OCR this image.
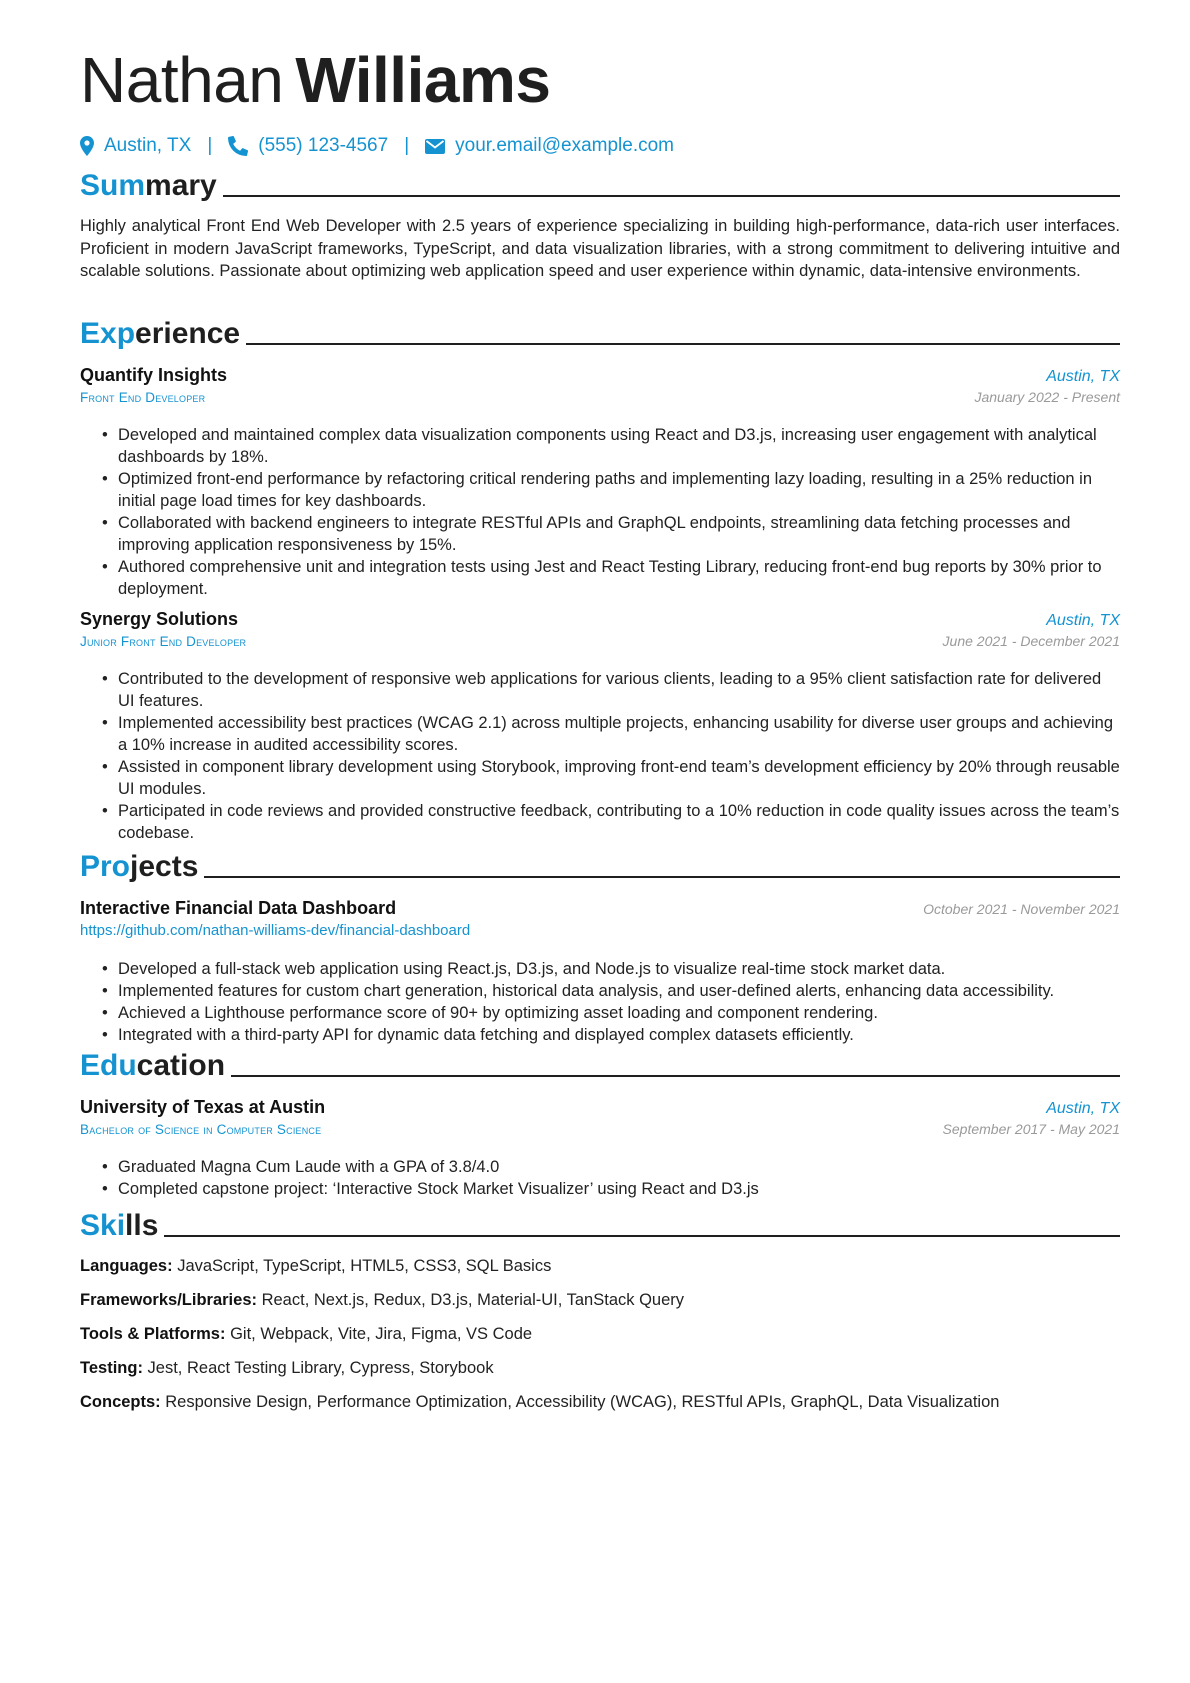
Nathan Williams
Austin, TX | (555) 123-4567 | your.email@example.com
Summary
Highly analytical Front End Web Developer with 2.5 years of experience specializing in building high-performance, data-rich user interfaces. Proficient in modern JavaScript frameworks, TypeScript, and data visualization libraries, with a strong commitment to delivering intuitive and scalable solutions. Passionate about optimizing web application speed and user experience within dynamic, data-intensive environments.
Experience
Quantify Insights	Austin, TX
Front End Developer	January 2022 - Present
• Developed and maintained complex data visualization components using React and D3.js, increasing user engagement with analytical dashboards by 18%.
• Optimized front-end performance by refactoring critical rendering paths and implementing lazy loading, resulting in a 25% reduction in initial page load times for key dashboards.
• Collaborated with backend engineers to integrate RESTful APIs and GraphQL endpoints, streamlining data fetching processes and improving application responsiveness by 15%.
• Authored comprehensive unit and integration tests using Jest and React Testing Library, reducing front-end bug reports by 30% prior to deployment.
Synergy Solutions	Austin, TX
Junior Front End Developer	June 2021 - December 2021
• Contributed to the development of responsive web applications for various clients, leading to a 95% client satisfaction rate for delivered UI features.
• Implemented accessibility best practices (WCAG 2.1) across multiple projects, enhancing usability for diverse user groups and achieving a 10% increase in audited accessibility scores.
• Assisted in component library development using Storybook, improving front-end team’s development efficiency by 20% through reusable UI modules.
• Participated in code reviews and provided constructive feedback, contributing to a 10% reduction in code quality issues across the team’s codebase.
Projects
Interactive Financial Data Dashboard	October 2021 - November 2021
https://github.com/nathan-williams-dev/financial-dashboard
• Developed a full-stack web application using React.js, D3.js, and Node.js to visualize real-time stock market data.
• Implemented features for custom chart generation, historical data analysis, and user-defined alerts, enhancing data accessibility.
• Achieved a Lighthouse performance score of 90+ by optimizing asset loading and component rendering.
• Integrated with a third-party API for dynamic data fetching and displayed complex datasets efficiently.
Education
University of Texas at Austin	Austin, TX
Bachelor of Science in Computer Science	September 2017 - May 2021
• Graduated Magna Cum Laude with a GPA of 3.8/4.0
• Completed capstone project: ‘Interactive Stock Market Visualizer’ using React and D3.js
Skills
Languages: JavaScript, TypeScript, HTML5, CSS3, SQL Basics
Frameworks/Libraries: React, Next.js, Redux, D3.js, Material-UI, TanStack Query
Tools & Platforms: Git, Webpack, Vite, Jira, Figma, VS Code
Testing: Jest, React Testing Library, Cypress, Storybook
Concepts: Responsive Design, Performance Optimization, Accessibility (WCAG), RESTful APIs, GraphQL, Data Visualization
